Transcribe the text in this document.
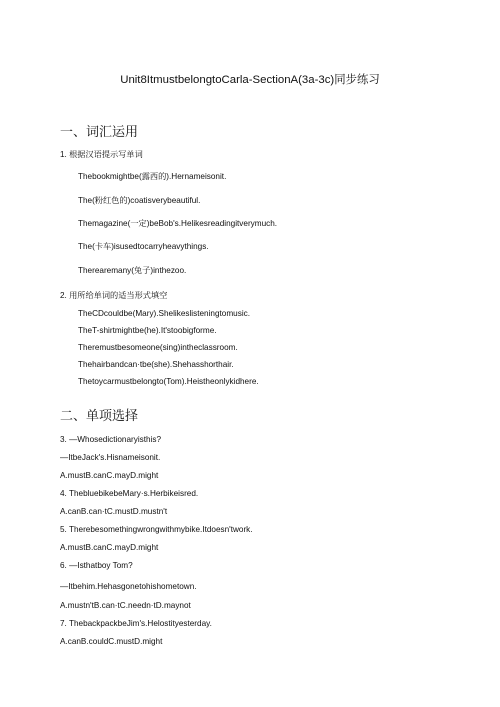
Unit8ItmustbelongtoCarla-SectionA(3a-3c)同步练习
一、词汇运用
1. 根据汉语提示写单词
Thebookmightbe(露西的).Hernameisonit.
The(粉红色的)coatisverybeautiful.
Themagazine(一定)beBob's.Helikesreadingitverymuch.
The(卡车)isusedtocarryheavythings.
Therearemany(兔子)inthezoo.
2. 用所给单词的适当形式填空
TheCDcouldbe(Mary).Shelikeslisteningtomusic.
TheT-shirtmightbe(he).It'stoobigforme.
Theremustbesomeone(sing)intheclassroom.
Thehairbandcan·tbe(she).Shehasshorthair.
Thetoycarmustbelongto(Tom).Heistheonlykidhere.
二、单项选择
3. —Whosedictionaryisthis?
—ItbeJack's.Hisnameisonit.
A.mustB.canC.mayD.might
4. ThebluebikebeMary·s.Herbikeisred.
A.canB.can·tC.mustD.mustn't
5. Therebesomethingwrongwithmybike.Itdoesn'twork.
A.mustB.canC.mayD.might
6. —Isthatboy Tom?
—Itbehim.Hehasgonetohishometown.
A.mustn'tB.can·tC.needn·tD.maynot
7. ThebackpackbeJim's.Helostityesterday.
A.canB.couldC.mustD.might
